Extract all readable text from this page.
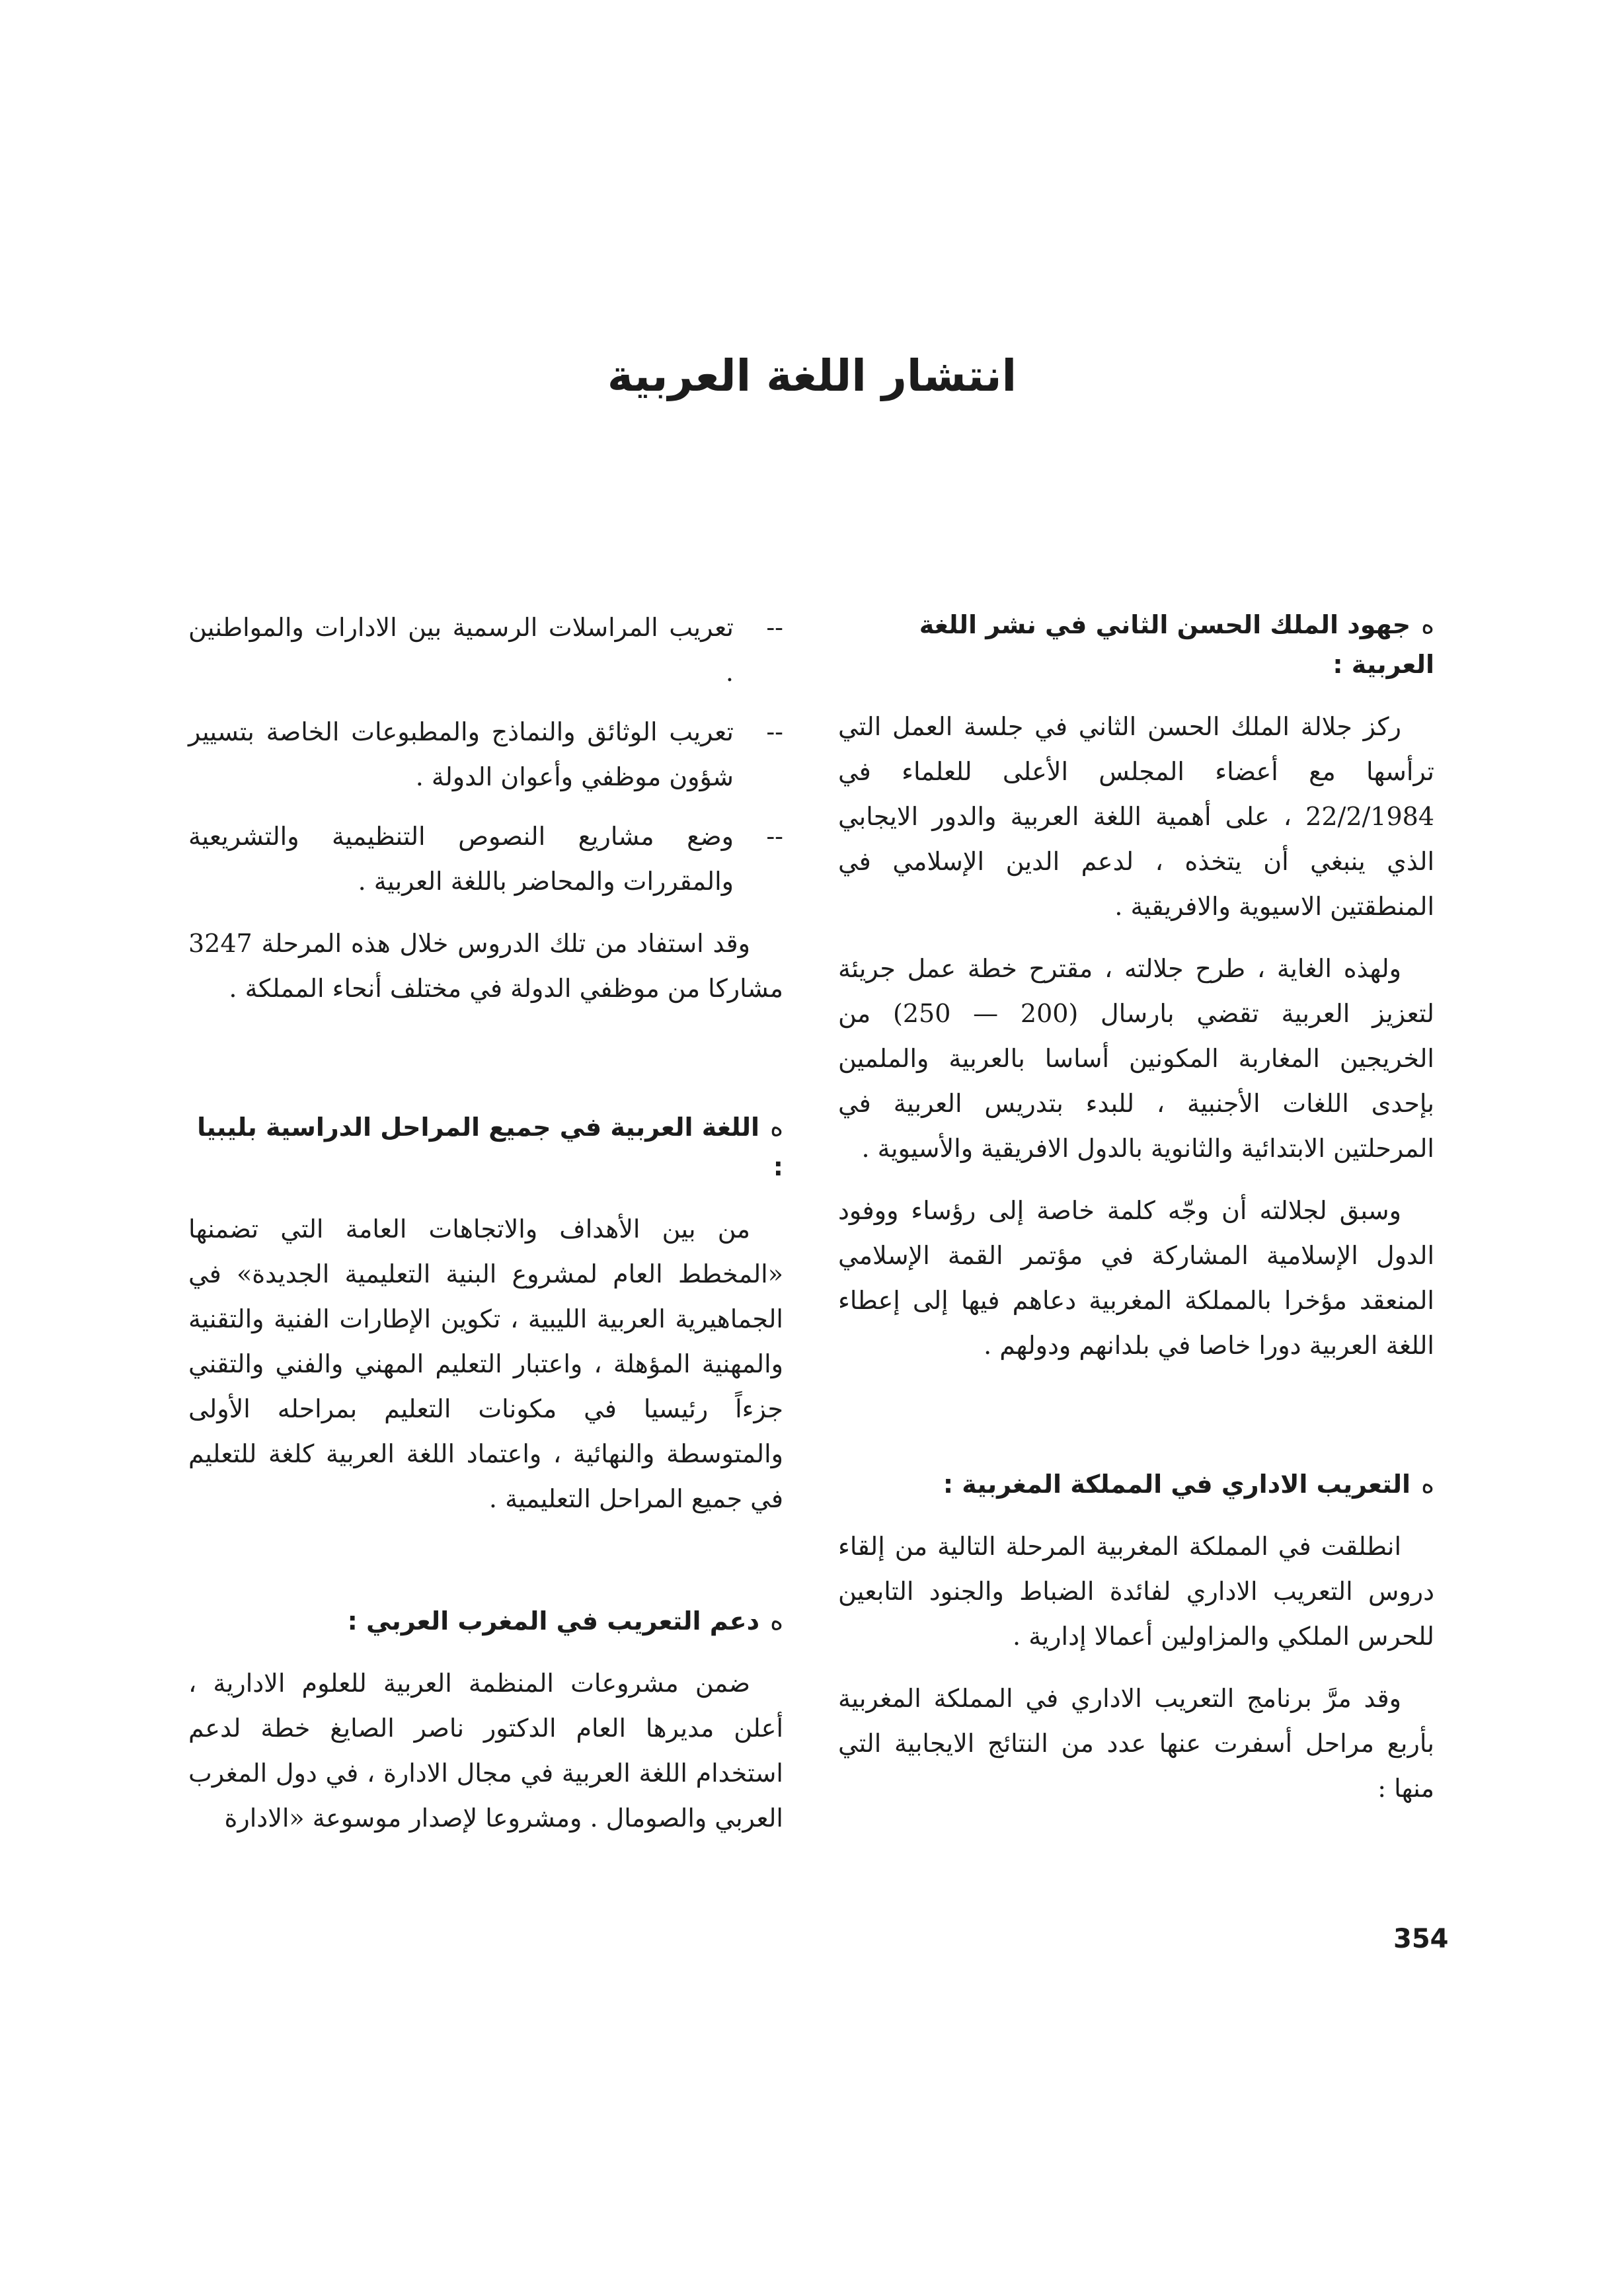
انتشار اللغة العربية
هجهود الملك الحسن الثاني في نشر اللغة العربية :

ركز جلالة الملك الحسن الثاني في جلسة العمل التي ترأسها مع أعضاء المجلس الأعلى للعلماء في 22/2/1984 ، على أهمية اللغة العربية والدور الايجابي الذي ينبغي أن يتخذه ، لدعم الدين الإسلامي في المنطقتين الاسيوية والافريقية .

ولهذه الغاية ، طرح جلالته ، مقترح خطة عمل جريئة لتعزيز العربية تقضي بارسال (200 — 250) من الخريجين المغاربة المكونين أساسا بالعربية والملمين بإحدى اللغات الأجنبية ، للبدء بتدريس العربية في المرحلتين الابتدائية والثانوية بالدول الافريقية والأسيوية .

وسبق لجلالته أن وجّه كلمة خاصة إلى رؤساء ووفود الدول الإسلامية المشاركة في مؤتمر القمة الإسلامي المنعقد مؤخرا بالمملكة المغربية دعاهم فيها إلى إعطاء اللغة العربية دورا خاصا في بلدانهم ودولهم .

هالتعريب الاداري في المملكة المغربية :

انطلقت في المملكة المغربية المرحلة التالية من إلقاء دروس التعريب الاداري لفائدة الضباط والجنود التابعين للحرس الملكي والمزاولين أعمالا إدارية .

وقد مرَّ برنامج التعريب الاداري في المملكة المغربية بأربع مراحل أسفرت عنها عدد من النتائج الايجابية التي منها :

--
تعريب المراسلات الرسمية بين الادارات والمواطنين .
--
تعريب الوثائق والنماذج والمطبوعات الخاصة بتسيير شؤون موظفي وأعوان الدولة .
--
وضع مشاريع النصوص التنظيمية والتشريعية والمقررات والمحاضر باللغة العربية .

وقد استفاد من تلك الدروس خلال هذه المرحلة 3247 مشاركا من موظفي الدولة في مختلف أنحاء المملكة .

هاللغة العربية في جميع المراحل الدراسية بليبيا :

من بين الأهداف والاتجاهات العامة التي تضمنها «المخطط العام لمشروع البنية التعليمية الجديدة» في الجماهيرية العربية الليبية ، تكوين الإطارات الفنية والتقنية والمهنية المؤهلة ، واعتبار التعليم المهني والفني والتقني جزءاً رئيسيا في مكونات التعليم بمراحله الأولى والمتوسطة والنهائية ، واعتماد اللغة العربية كلغة للتعليم في جميع المراحل التعليمية .

هدعم التعريب في المغرب العربي :

ضمن مشروعات المنظمة العربية للعلوم الادارية ، أعلن مديرها العام الدكتور ناصر الصايغ خطة لدعم استخدام اللغة العربية في مجال الادارة ، في دول المغرب العربي والصومال . ومشروعا لإصدار موسوعة «الادارة

354
